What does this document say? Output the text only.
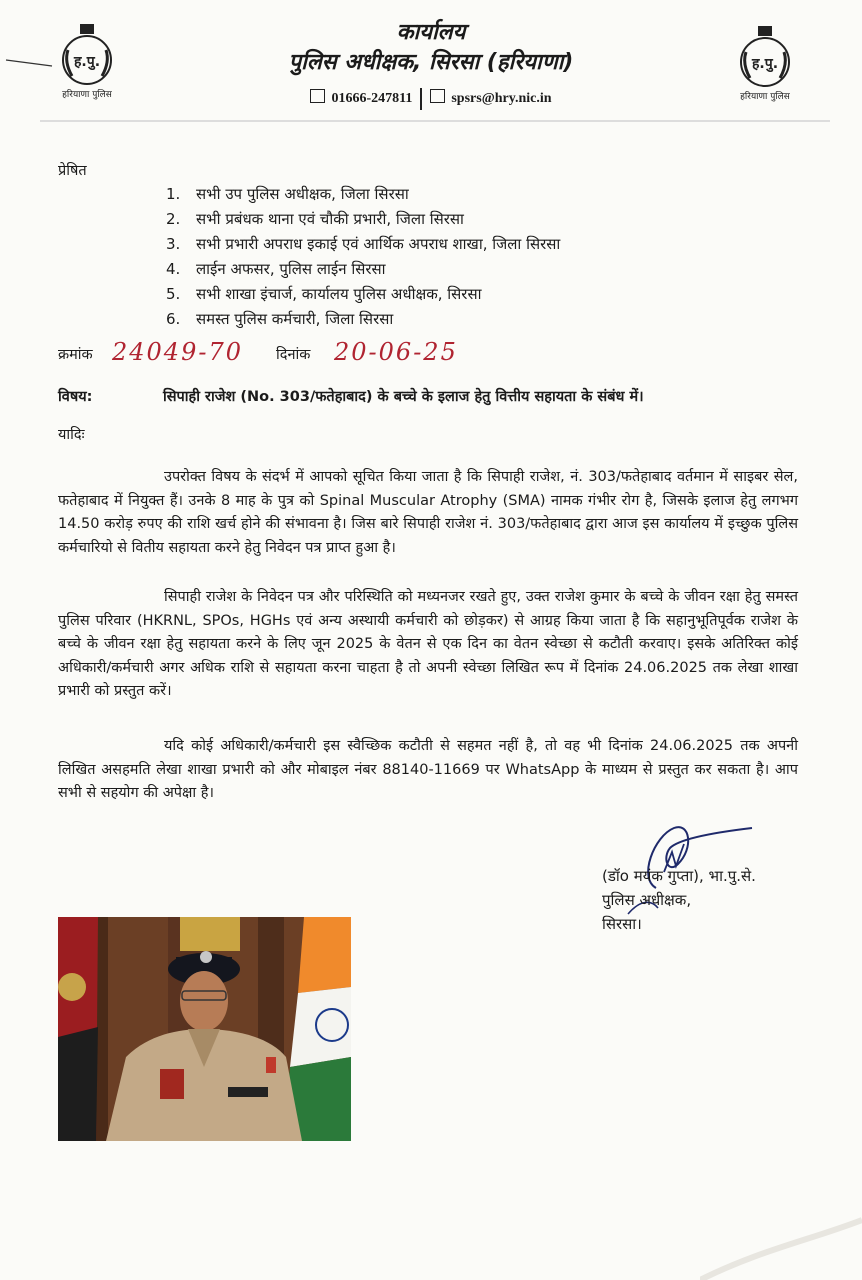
ह.पु.
हरियाणा पुलिस
ह.पु.
हरियाणा पुलिस
कार्यालय
पुलिस अधीक्षक, सिरसा (हरियाणा)
01666-247811	spsrs@hry.nic.in
प्रेषित
1. सभी उप पुलिस अधीक्षक, जिला सिरसा
2. सभी प्रबंधक थाना एवं चौकी प्रभारी, जिला सिरसा
3. सभी प्रभारी अपराध इकाई एवं आर्थिक अपराध शाखा, जिला सिरसा
4. लाईन अफसर, पुलिस लाईन सिरसा
5. सभी शाखा इंचार्ज, कार्यालय पुलिस अधीक्षक, सिरसा
6. समस्त पुलिस कर्मचारी, जिला सिरसा
क्रमांक 24049-70 दिनांक 20-06-25
विषय:	सिपाही राजेश (No. 303/फतेहाबाद) के बच्चे के इलाज हेतु वित्तीय सहायता के संबंध में।
यादिः
उपरोक्त विषय के संदर्भ में आपको सूचित किया जाता है कि सिपाही राजेश, नं. 303/फतेहाबाद वर्तमान में साइबर सेल, फतेहाबाद में नियुक्त हैं। उनके 8 माह के पुत्र को Spinal Muscular Atrophy (SMA) नामक गंभीर रोग है, जिसके इलाज हेतु लगभग 14.50 करोड़ रुपए की राशि खर्च होने की संभावना है। जिस बारे सिपाही राजेश नं. 303/फतेहाबाद द्वारा आज इस कार्यालय में इच्छुक पुलिस कर्मचारियो से वितीय सहायता करने हेतु निवेदन पत्र प्राप्त हुआ है।
सिपाही राजेश के निवेदन पत्र और परिस्थिति को मध्यनजर रखते हुए, उक्त राजेश कुमार के बच्चे के जीवन रक्षा हेतु समस्त पुलिस परिवार (HKRNL, SPOs, HGHs एवं अन्य अस्थायी कर्मचारी को छोड़कर) से आग्रह किया जाता है कि सहानुभूतिपूर्वक राजेश के बच्चे के जीवन रक्षा हेतु सहायता करने के लिए जून 2025 के वेतन से एक दिन का वेतन स्वेच्छा से कटौती करवाए। इसके अतिरिक्त कोई अधिकारी/कर्मचारी अगर अधिक राशि से सहायता करना चाहता है तो अपनी स्वेच्छा लिखित रूप में दिनांक 24.06.2025 तक लेखा शाखा प्रभारी को प्रस्तुत करें।
यदि कोई अधिकारी/कर्मचारी इस स्वैच्छिक कटौती से सहमत नहीं है, तो वह भी दिनांक 24.06.2025 तक अपनी लिखित असहमति लेखा शाखा प्रभारी को और मोबाइल नंबर 88140-11669 पर WhatsApp के माध्यम से प्रस्तुत कर सकता है। आप सभी से सहयोग की अपेक्षा है।
(डॉo मयंक गुप्ता), भा.पु.से.
पुलिस अधीक्षक,
सिरसा।
